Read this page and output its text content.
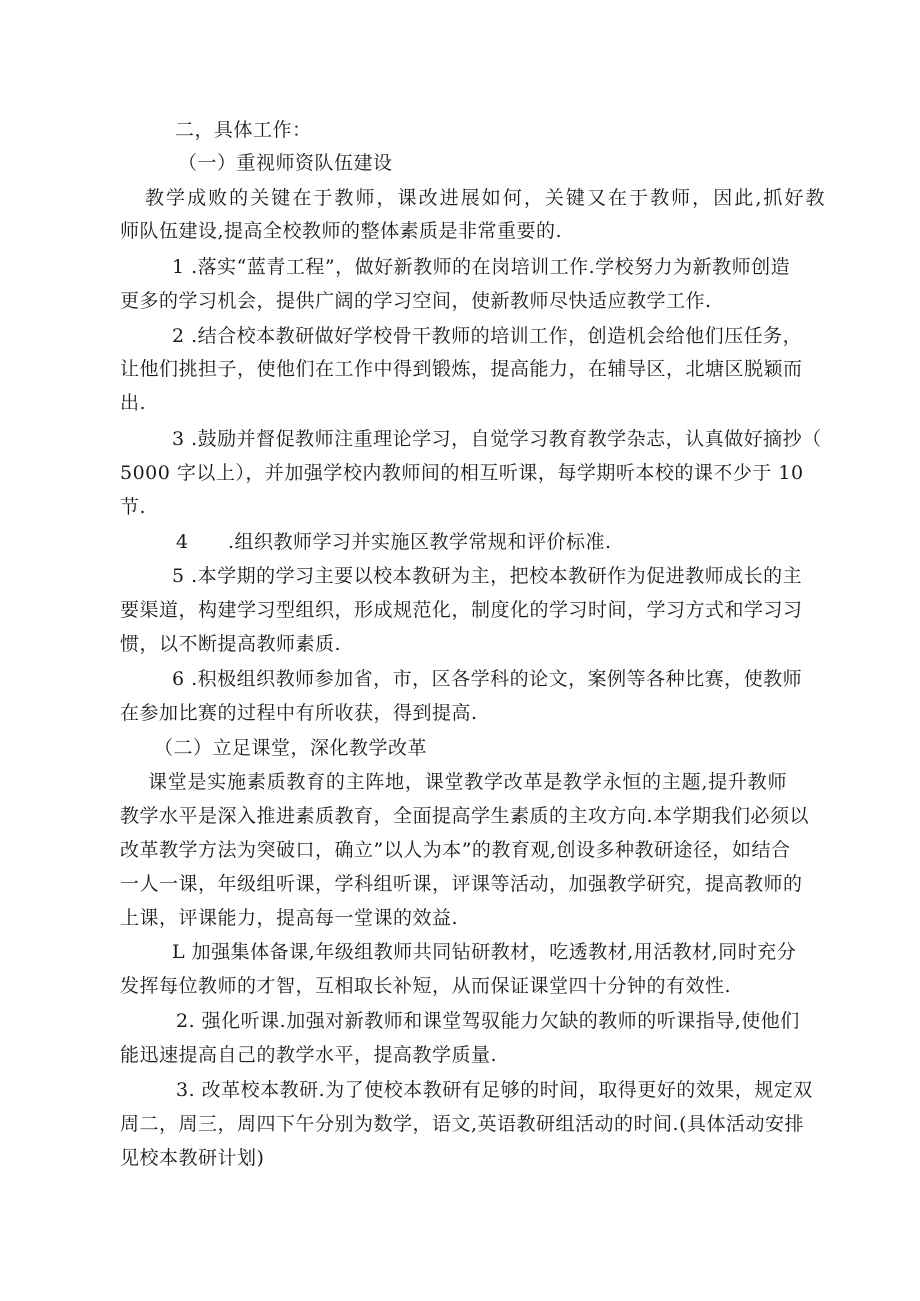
二，具体工作：
（一）重视师资队伍建设
教学成败的关键在于教师，课改进展如何，关键又在于教师，因此,抓好教
师队伍建设,提高全校教师的整体素质是非常重要的.
1 .落实“蓝青工程”，做好新教师的在岗培训工作.学校努力为新教师创造
更多的学习机会，提供广阔的学习空间，使新教师尽快适应教学工作.
2 .结合校本教研做好学校骨干教师的培训工作，创造机会给他们压任务，
让他们挑担子，使他们在工作中得到锻炼，提高能力，在辅导区，北塘区脱颖而
出.
3 .鼓励并督促教师注重理论学习，自觉学习教育教学杂志，认真做好摘抄（
5000 字以上），并加强学校内教师间的相互听课，每学期听本校的课不少于 10
节.
4 .组织教师学习并实施区教学常规和评价标准.
5 .本学期的学习主要以校本教研为主，把校本教研作为促进教师成长的主
要渠道，构建学习型组织，形成规范化，制度化的学习时间，学习方式和学习习
惯，以不断提高教师素质.
6 .积极组织教师参加省，市，区各学科的论文，案例等各种比赛，使教师
在参加比赛的过程中有所收获，得到提高.
（二）立足课堂，深化教学改革
课堂是实施素质教育的主阵地，课堂教学改革是教学永恒的主题,提升教师
教学水平是深入推进素质教育，全面提高学生素质的主攻方向.本学期我们必须以
改革教学方法为突破口，确立”以人为本”的教育观,创设多种教研途径，如结合
一人一课，年级组听课，学科组听课，评课等活动，加强教学研究，提高教师的
上课，评课能力，提高每一堂课的效益.
L 加强集体备课,年级组教师共同钻研教材，吃透教材,用活教材,同时充分
发挥每位教师的才智，互相取长补短，从而保证课堂四十分钟的有效性.
2. 强化听课.加强对新教师和课堂驾驭能力欠缺的教师的听课指导,使他们
能迅速提高自己的教学水平，提高教学质量.
3. 改革校本教研.为了使校本教研有足够的时间，取得更好的效果，规定双
周二，周三，周四下午分别为数学，语文,英语教研组活动的时间.(具体活动安排
见校本教研计划)
